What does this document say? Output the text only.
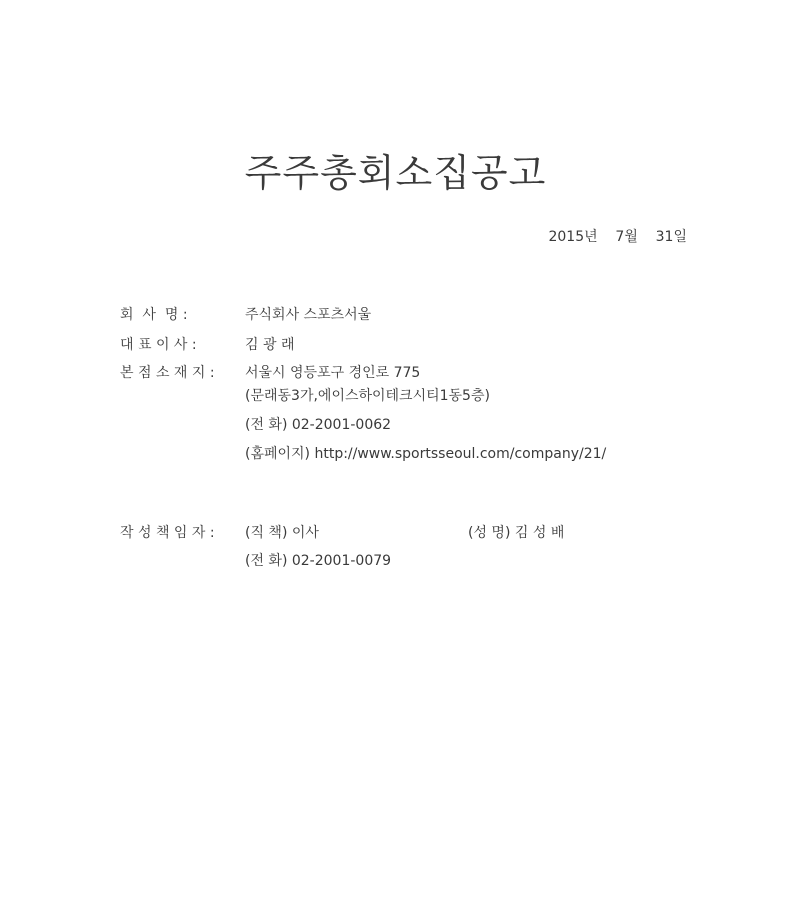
주주총회소집공고
2015년    7월    31일
회  사  명 :	주식회사 스포츠서울
대 표 이 사 :	김 광 래
본 점 소 재 지 :	서울시 영등포구 경인로 775
(문래동3가,에이스하이테크시티1동5층)
(전 화) 02-2001-0062
(홈페이지) http://www.sportsseoul.com/company/21/
작 성 책 임 자 :	(직 책) 이사	(성 명) 김 성 배
(전 화) 02-2001-0079
